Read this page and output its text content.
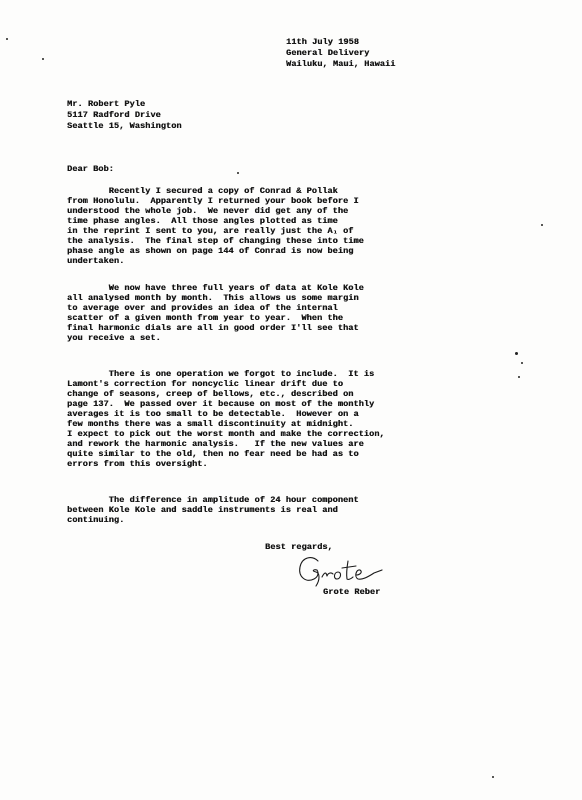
11th July 1958
General Delivery
Wailuku, Maui, Hawaii
Mr. Robert Pyle
5117 Radford Drive
Seattle 15, Washington
Dear Bob:
Recently I secured a copy of Conrad & Pollak
from Honolulu.  Apparently I returned your book before I
understood the whole job.  We never did get any of the
time phase angles.  All those angles plotted as time
in the reprint I sent to you, are really just the A₁ of
the analysis.  The final step of changing these into time
phase angle as shown on page 144 of Conrad is now being
undertaken.
We now have three full years of data at Kole Kole
all analysed month by month.  This allows us some margin
to average over and provides an idea of the internal
scatter of a given month from year to year.  When the
final harmonic dials are all in good order I'll see that
you receive a set.
There is one operation we forgot to include.  It is
Lamont's correction for noncyclic linear drift due to
change of seasons, creep of bellows, etc., described on
page 137.  We passed over it because on most of the monthly
averages it is too small to be detectable.  However on a
few months there was a small discontinuity at midnight.
I expect to pick out the worst month and make the correction,
and rework the harmonic analysis.   If the new values are
quite similar to the old, then no fear need be had as to
errors from this oversight.
The difference in amplitude of 24 hour component
between Kole Kole and saddle instruments is real and
continuing.
Best regards,
Grote Reber
